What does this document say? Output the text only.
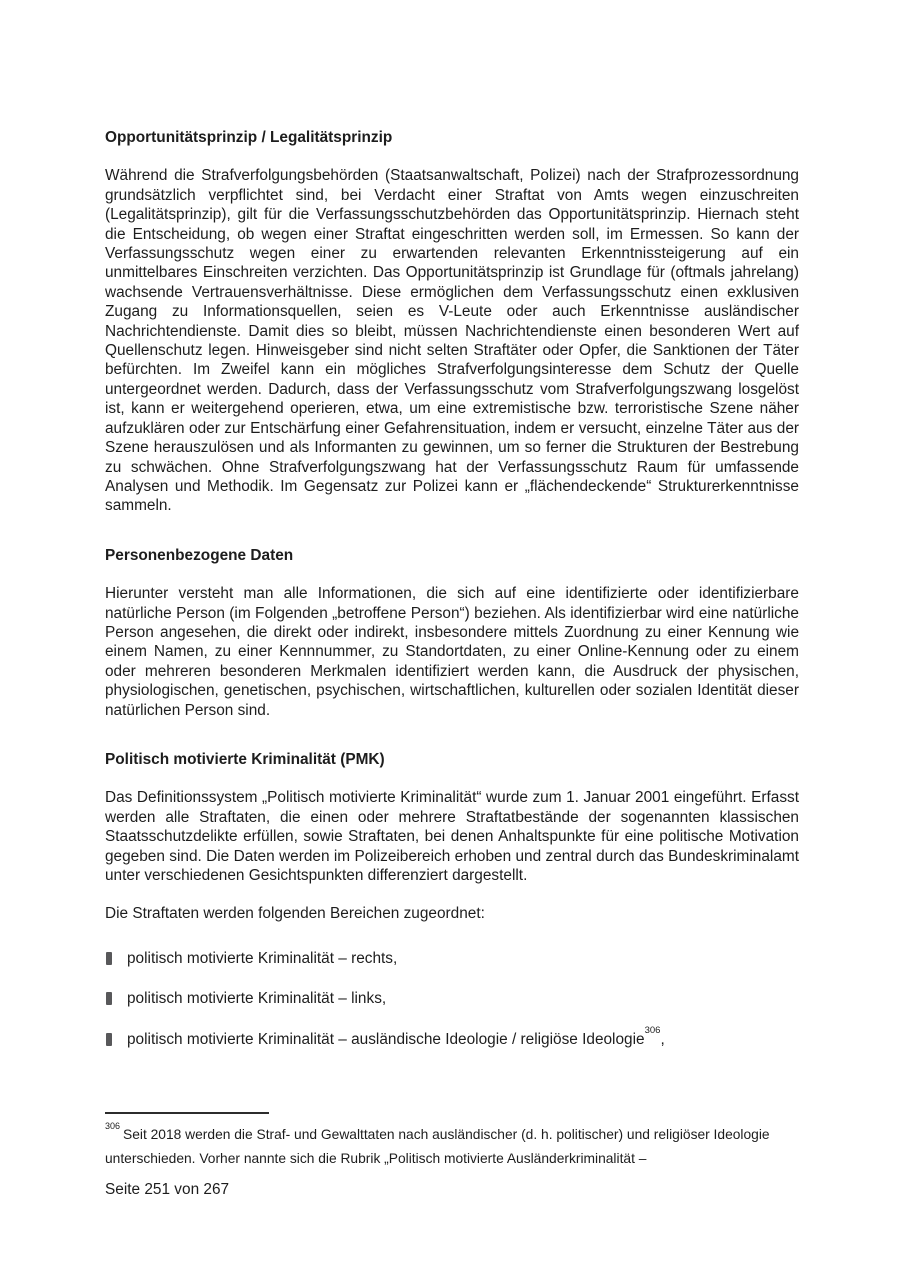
Opportunitätsprinzip / Legalitätsprinzip

Während die Strafverfolgungsbehörden (Staatsanwaltschaft, Polizei) nach der Strafprozessordnung grundsätzlich verpflichtet sind, bei Verdacht einer Straftat von Amts wegen einzuschreiten (Legalitätsprinzip), gilt für die Verfassungsschutzbehörden das Opportunitätsprinzip. Hiernach steht die Entscheidung, ob wegen einer Straftat eingeschritten werden soll, im Ermessen. So kann der Verfassungsschutz wegen einer zu erwartenden relevanten Erkenntnissteigerung auf ein unmittelbares Einschreiten verzichten. Das Opportunitätsprinzip ist Grundlage für (oftmals jahrelang) wachsende Vertrauensverhältnisse. Diese ermöglichen dem Verfassungsschutz einen exklusiven Zugang zu Informationsquellen, seien es V-Leute oder auch Erkenntnisse ausländischer Nachrichtendienste. Damit dies so bleibt, müssen Nachrichtendienste einen besonderen Wert auf Quellenschutz legen. Hinweisgeber sind nicht selten Straftäter oder Opfer, die Sanktionen der Täter befürchten. Im Zweifel kann ein mögliches Strafverfolgungsinteresse dem Schutz der Quelle untergeordnet werden. Dadurch, dass der Verfassungsschutz vom Strafverfolgungszwang losgelöst ist, kann er weitergehend operieren, etwa, um eine extremistische bzw. terroristische Szene näher aufzuklären oder zur Entschärfung einer Gefahrensituation, indem er versucht, einzelne Täter aus der Szene herauszulösen und als Informanten zu gewinnen, um so ferner die Strukturen der Bestrebung zu schwächen. Ohne Strafverfolgungszwang hat der Verfassungsschutz Raum für umfassende Analysen und Methodik. Im Gegensatz zur Polizei kann er „flächendeckende“ Strukturerkenntnisse sammeln.

Personenbezogene Daten

Hierunter versteht man alle Informationen, die sich auf eine identifizierte oder identifizierbare natürliche Person (im Folgenden „betroffene Person“) beziehen. Als identifizierbar wird eine natürliche Person angesehen, die direkt oder indirekt, insbesondere mittels Zuordnung zu einer Kennung wie einem Namen, zu einer Kennnummer, zu Standortdaten, zu einer Online-Kennung oder zu einem oder mehreren besonderen Merkmalen identifiziert werden kann, die Ausdruck der physischen, physiologischen, genetischen, psychischen, wirtschaftlichen, kulturellen oder sozialen Identität dieser natürlichen Person sind.

Politisch motivierte Kriminalität (PMK)

Das Definitionssystem „Politisch motivierte Kriminalität“ wurde zum 1. Januar 2001 eingeführt. Erfasst werden alle Straftaten, die einen oder mehrere Straftatbestände der sogenannten klassischen Staatsschutzdelikte erfüllen, sowie Straftaten, bei denen Anhaltspunkte für eine politische Motivation gegeben sind. Die Daten werden im Polizeibereich erhoben und zentral durch das Bundeskriminalamt unter verschiedenen Gesichtspunkten differenziert dargestellt.

Die Straftaten werden folgenden Bereichen zugeordnet:

politisch motivierte Kriminalität – rechts,
politisch motivierte Kriminalität – links,
politisch motivierte Kriminalität – ausländische Ideologie / religiöse Ideologie$^{306}$,

$^{306}$Seit 2018 werden die Straf- und Gewalttaten nach ausländischer (d. h. politischer) und religiöser Ideologie unterschieden. Vorher nannte sich die Rubrik „Politisch motivierte Ausländerkriminalität –

Seite 251 von 267
